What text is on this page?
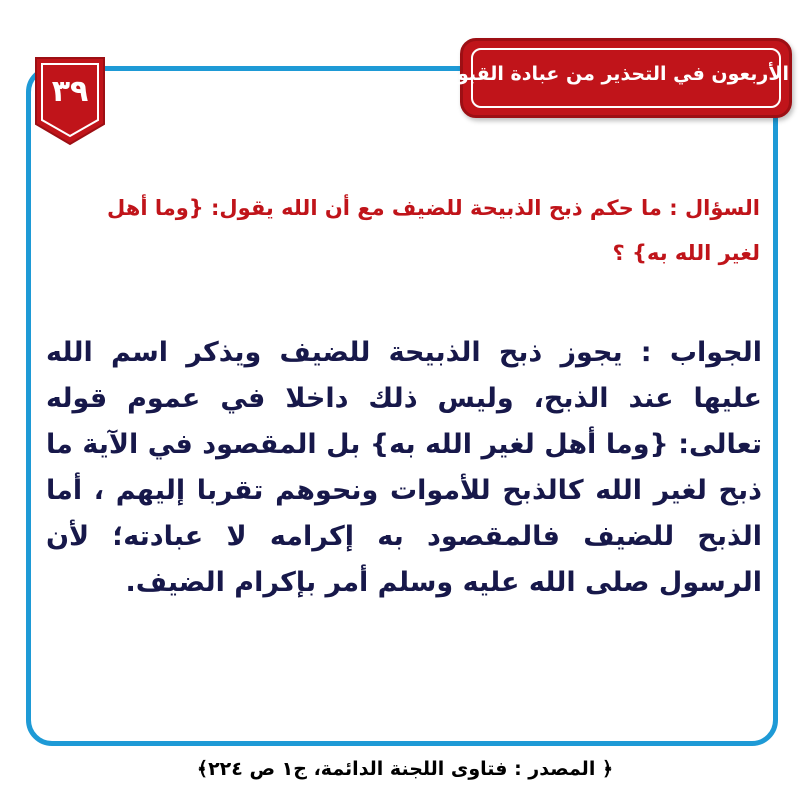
الأربعون في التحذير من عبادة القبور
٣٩
السؤال : ما حكم ذبح الذبيحة للضيف مع أن الله يقول: {وما أهل لغير الله به} ؟
الجواب : يجوز ذبح الذبيحة للضيف ويذكر اسم الله عليها عند الذبح، وليس ذلك داخلا في عموم قوله تعالى: {وما أهل لغير الله به} بل المقصود في الآية ما ذبح لغير الله كالذبح للأموات ونحوهم تقربا إليهم ، أما الذبح للضيف فالمقصود به إكرامه لا عبادته؛ لأن الرسول صلى الله عليه وسلم أمر بإكرام الضيف.
﴿ المصدر : فتاوى اللجنة الدائمة، ج١ ص ٢٢٤﴾
